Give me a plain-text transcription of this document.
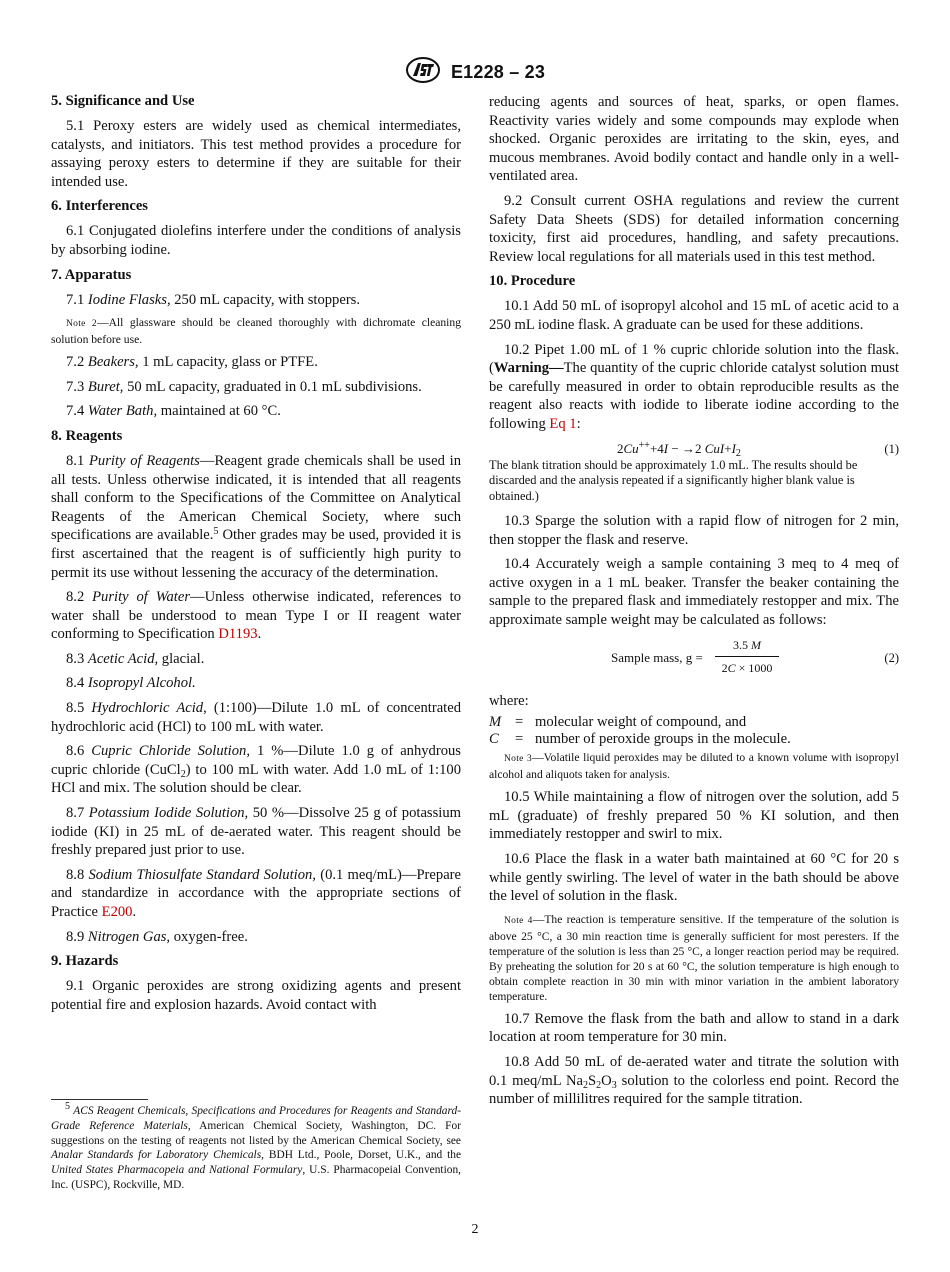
E1228 – 23
5. Significance and Use

5.1 Peroxy esters are widely used as chemical intermediates, catalysts, and initiators. This test method provides a procedure for assaying peroxy esters to determine if they are suitable for their intended use.

6. Interferences

6.1 Conjugated diolefins interfere under the conditions of analysis by absorbing iodine.

7. Apparatus

7.1 Iodine Flasks, 250 mL capacity, with stoppers.

Note 2—All glassware should be cleaned thoroughly with dichromate cleaning solution before use.

7.2 Beakers, 1 mL capacity, glass or PTFE.

7.3 Buret, 50 mL capacity, graduated in 0.1 mL subdivisions.

7.4 Water Bath, maintained at 60 °C.

8. Reagents

8.1 Purity of Reagents—Reagent grade chemicals shall be used in all tests. Unless otherwise indicated, it is intended that all reagents shall conform to the Specifications of the Committee on Analytical Reagents of the American Chemical Society, where such specifications are available.$^5$ Other grades may be used, provided it is first ascertained that the reagent is of sufficiently high purity to permit its use without lessening the accuracy of the determination.

8.2 Purity of Water—Unless otherwise indicated, references to water shall be understood to mean Type I or II reagent water conforming to Specification D1193.

8.3 Acetic Acid, glacial.

8.4 Isopropyl Alcohol.

8.5 Hydrochloric Acid, (1:100)—Dilute 1.0 mL of concentrated hydrochloric acid (HCl) to 100 mL with water.

8.6 Cupric Chloride Solution, 1 %—Dilute 1.0 g of anhydrous cupric chloride (CuCl$_2$) to 100 mL with water. Add 1.0 mL of 1:100 HCl and mix. The solution should be clear.

8.7 Potassium Iodide Solution, 50 %—Dissolve 25 g of potassium iodide (KI) in 25 mL of de-aerated water. This reagent should be freshly prepared just prior to use.

8.8 Sodium Thiosulfate Standard Solution, (0.1 meq/mL)—Prepare and standardize in accordance with the appropriate sections of Practice E200.

8.9 Nitrogen Gas, oxygen-free.

9. Hazards

9.1 Organic peroxides are strong oxidizing agents and present potential fire and explosion hazards. Avoid contact with

$^5$ ACS Reagent Chemicals, Specifications and Procedures for Reagents and Standard-Grade Reference Materials, American Chemical Society, Washington, DC. For suggestions on the testing of reagents not listed by the American Chemical Society, see Analar Standards for Laboratory Chemicals, BDH Ltd., Poole, Dorset, U.K., and the United States Pharmacopeia and National Formulary, U.S. Pharmacopeial Convention, Inc. (USPC), Rockville, MD.

reducing agents and sources of heat, sparks, or open flames. Reactivity varies widely and some compounds may explode when shocked. Organic peroxides are irritating to the skin, eyes, and mucous membranes. Avoid bodily contact and handle only in a well-ventilated area.

9.2 Consult current OSHA regulations and review the current Safety Data Sheets (SDS) for detailed information concerning toxicity, first aid procedures, handling, and safety precautions. Review local regulations for all materials used in this test method.

10. Procedure

10.1 Add 50 mL of isopropyl alcohol and 15 mL of acetic acid to a 250 mL iodine flask. A graduate can be used for these additions.

10.2 Pipet 1.00 mL of 1 % cupric chloride solution into the flask. (Warning—The quantity of the cupric chloride catalyst solution must be carefully measured in order to obtain reproducible results as the reagent also reacts with iodide to liberate iodine according to the following Eq 1:

2Cu+++4I − →2 $CuI+I_2$	(1)
The blank titration should be approximately 1.0 mL. The results should be discarded and the analysis repeated if a significantly higher blank value is obtained.)

10.3 Sparge the solution with a rapid flow of nitrogen for 2 min, then stopper the flask and reserve.

10.4 Accurately weigh a sample containing 3 meq to 4 meq of active oxygen in a 1 mL beaker. Transfer the beaker containing the sample to the prepared flask and immediately restopper and mix. The approximate sample weight may be calculated as follows:

Sample mass, $g = \frac{3.5 M}{2C \times 1000}$	(2)

where:

M = molecular weight of compound, and
C = number of peroxide groups in the molecule.
Note 3—Volatile liquid peroxides may be diluted to a known volume with isopropyl alcohol and aliquots taken for analysis.

10.5 While maintaining a flow of nitrogen over the solution, add 5 mL (graduate) of freshly prepared 50 % KI solution, and then immediately restopper and swirl to mix.

10.6 Place the flask in a water bath maintained at 60 °C for 20 s while gently swirling. The level of water in the bath should be above the level of solution in the flask.

Note 4—The reaction is temperature sensitive. If the temperature of the solution is above 25 °C, a 30 min reaction time is generally sufficient for most peresters. If the temperature of the solution is less than 25 °C, a longer reaction period may be required. By preheating the solution for 20 s at 60 °C, the solution temperature is high enough to obtain complete reaction in 30 min with minor variation in the ambient laboratory temperature.

10.7 Remove the flask from the bath and allow to stand in a dark location at room temperature for 30 min.

10.8 Add 50 mL of de-aerated water and titrate the solution with 0.1 meq/mL $Na_2S_2O_3$ solution to the colorless end point. Record the number of millilitres required for the sample titration.

2
